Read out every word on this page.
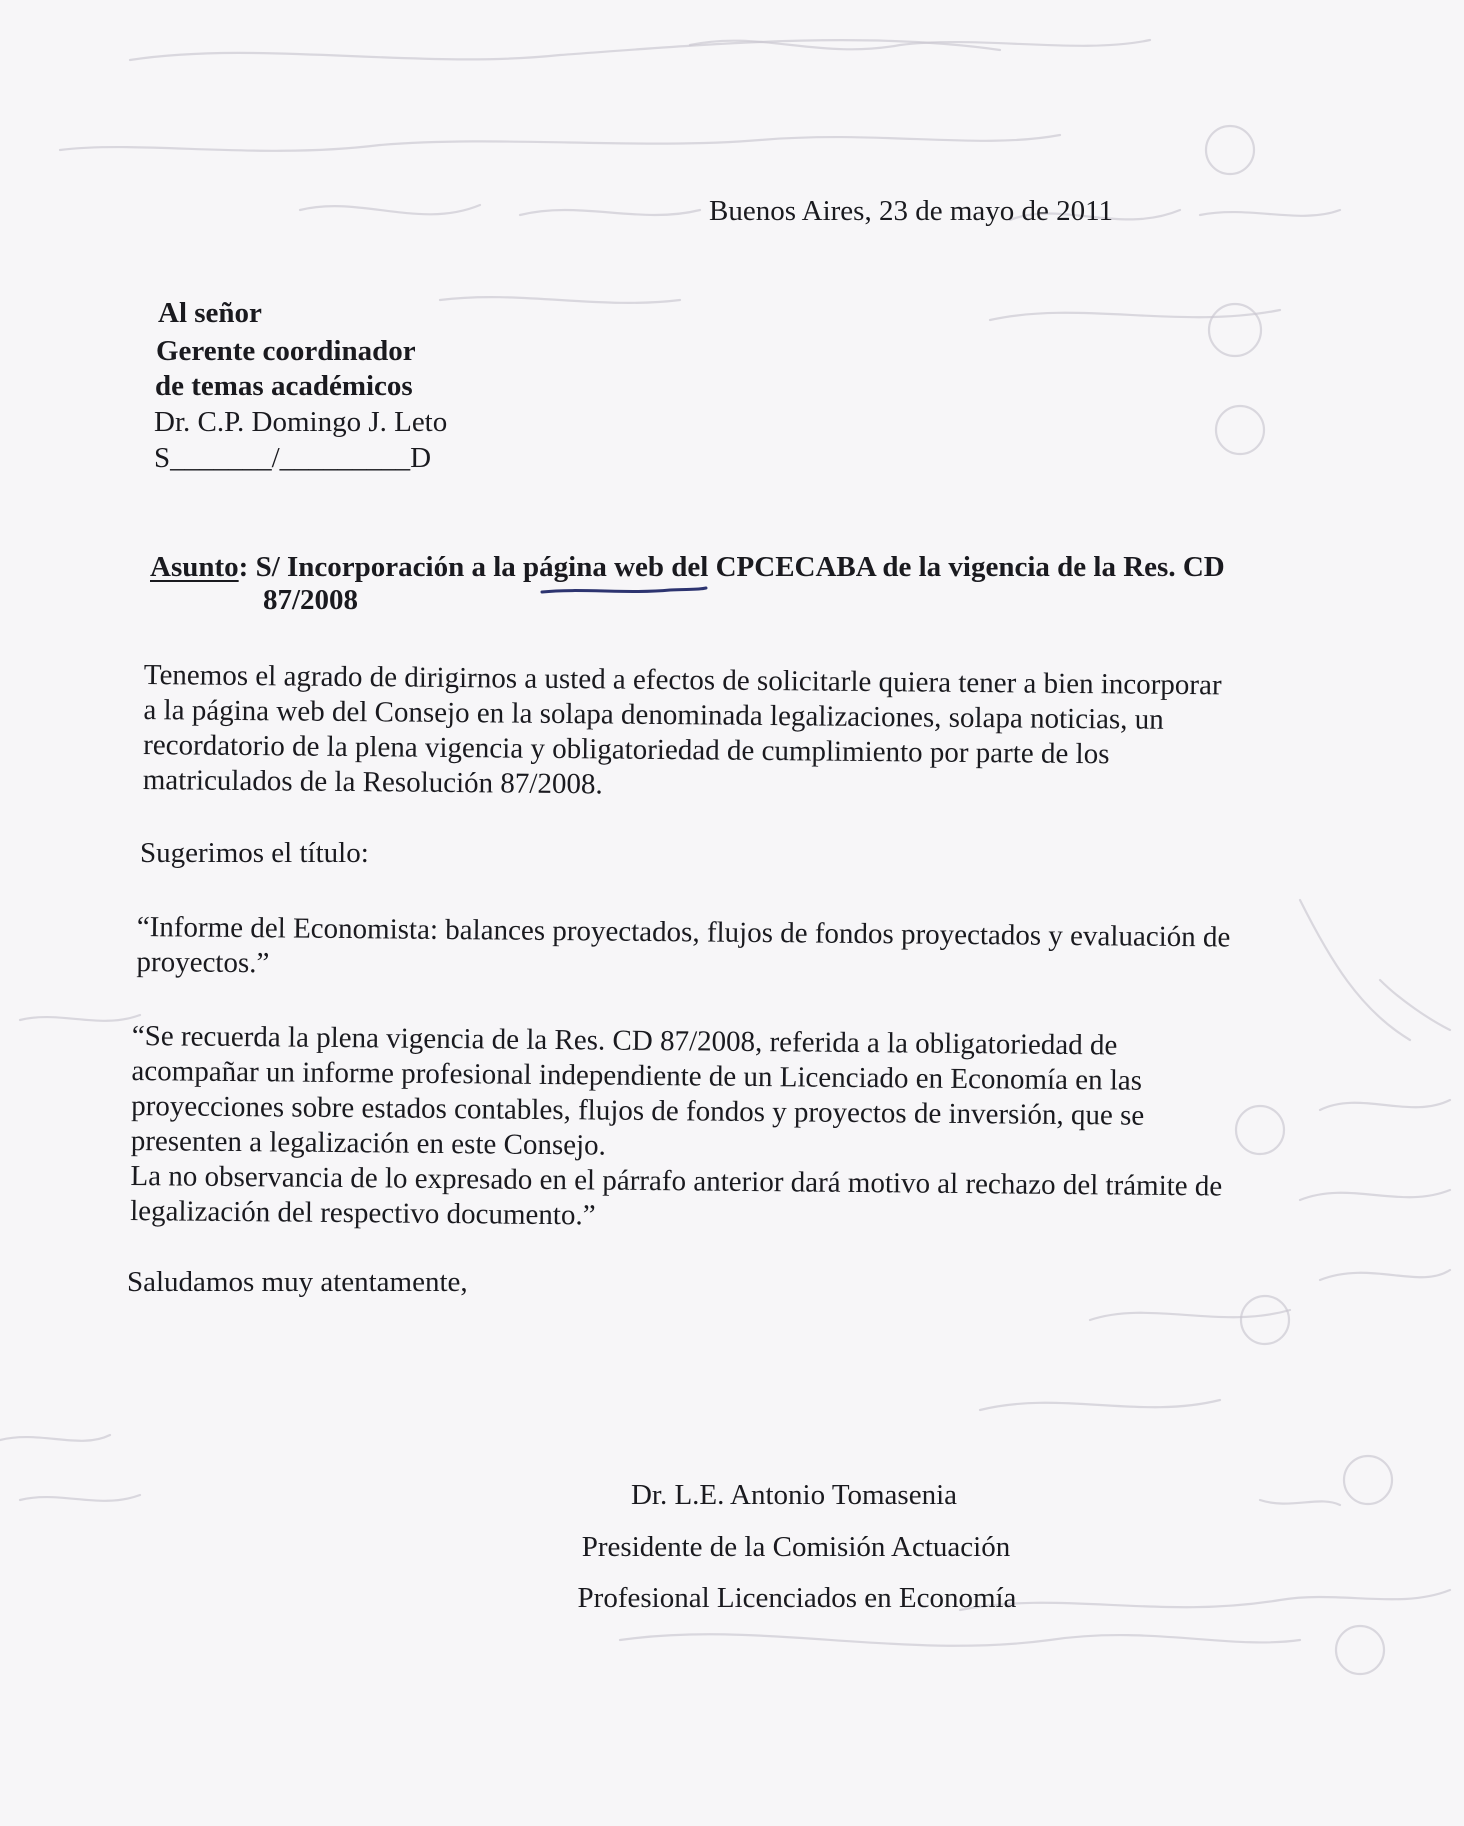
Buenos Aires, 23 de mayo de 2011
Al señor
Gerente coordinador
de temas académicos
Dr. C.P. Domingo J. Leto
S_______/_________D
Asunto: S/ Incorporación a la página web del CPCECABA de la vigencia de la Res. CD
87/2008
Tenemos el agrado de dirigirnos a usted a efectos de solicitarle quiera tener a bien incorporar
a la página web del Consejo en la solapa denominada legalizaciones, solapa noticias, un
recordatorio de la plena vigencia y obligatoriedad de cumplimiento por parte de los
matriculados de la Resolución 87/2008.
Sugerimos el título:
“Informe del Economista: balances proyectados, flujos de fondos proyectados y evaluación de
proyectos.”
“Se recuerda la plena vigencia de la Res. CD 87/2008, referida a la obligatoriedad de
acompañar un informe profesional independiente de un Licenciado en Economía en las
proyecciones sobre estados contables, flujos de fondos y proyectos de inversión, que se
presenten a legalización en este Consejo.
La no observancia de lo expresado en el párrafo anterior dará motivo al rechazo del trámite de
legalización del respectivo documento.”
Saludamos muy atentamente,
Dr. L.E. Antonio Tomasenia
Presidente de la Comisión Actuación
Profesional Licenciados en Economía
